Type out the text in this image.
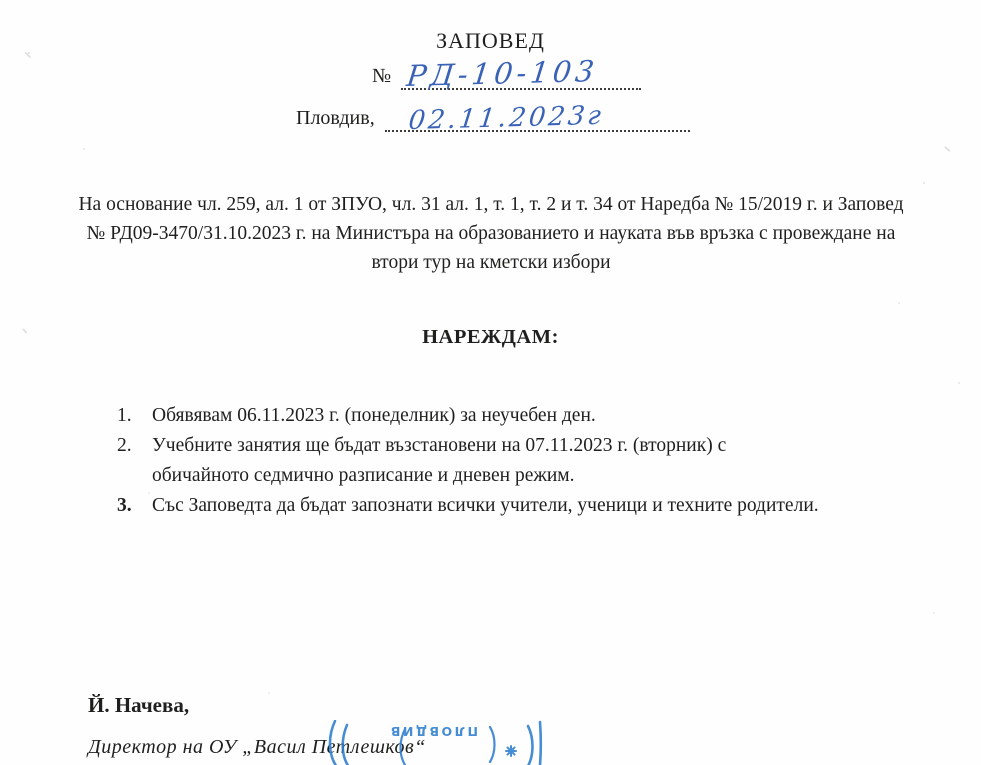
ЗАПОВЕД
№ РД-10-103
Пловдив, 02.11.2023г
На основание чл. 259, ал. 1 от ЗПУО, чл. 31 ал. 1, т. 1, т. 2 и т. 34 от Наредба № 15/2019 г. и Заповед № РД09-3470/31.10.2023 г. на Министъра на образованието и науката във връзка с провеждане на втори тур на кметски избори
НАРЕЖДАМ:
1.	Обявявам 06.11.2023 г. (понеделник) за неучебен ден.
2.	Учебните занятия ще бъдат възстановени на 07.11.2023 г. (вторник) с обичайното седмично разписание и дневен режим.
3.	Със Заповедта да бъдат запознати всички учители, ученици и техните родители.
Й. Начева,
Директор на ОУ „Васил Петлешков“
ПЛОВДИВ
